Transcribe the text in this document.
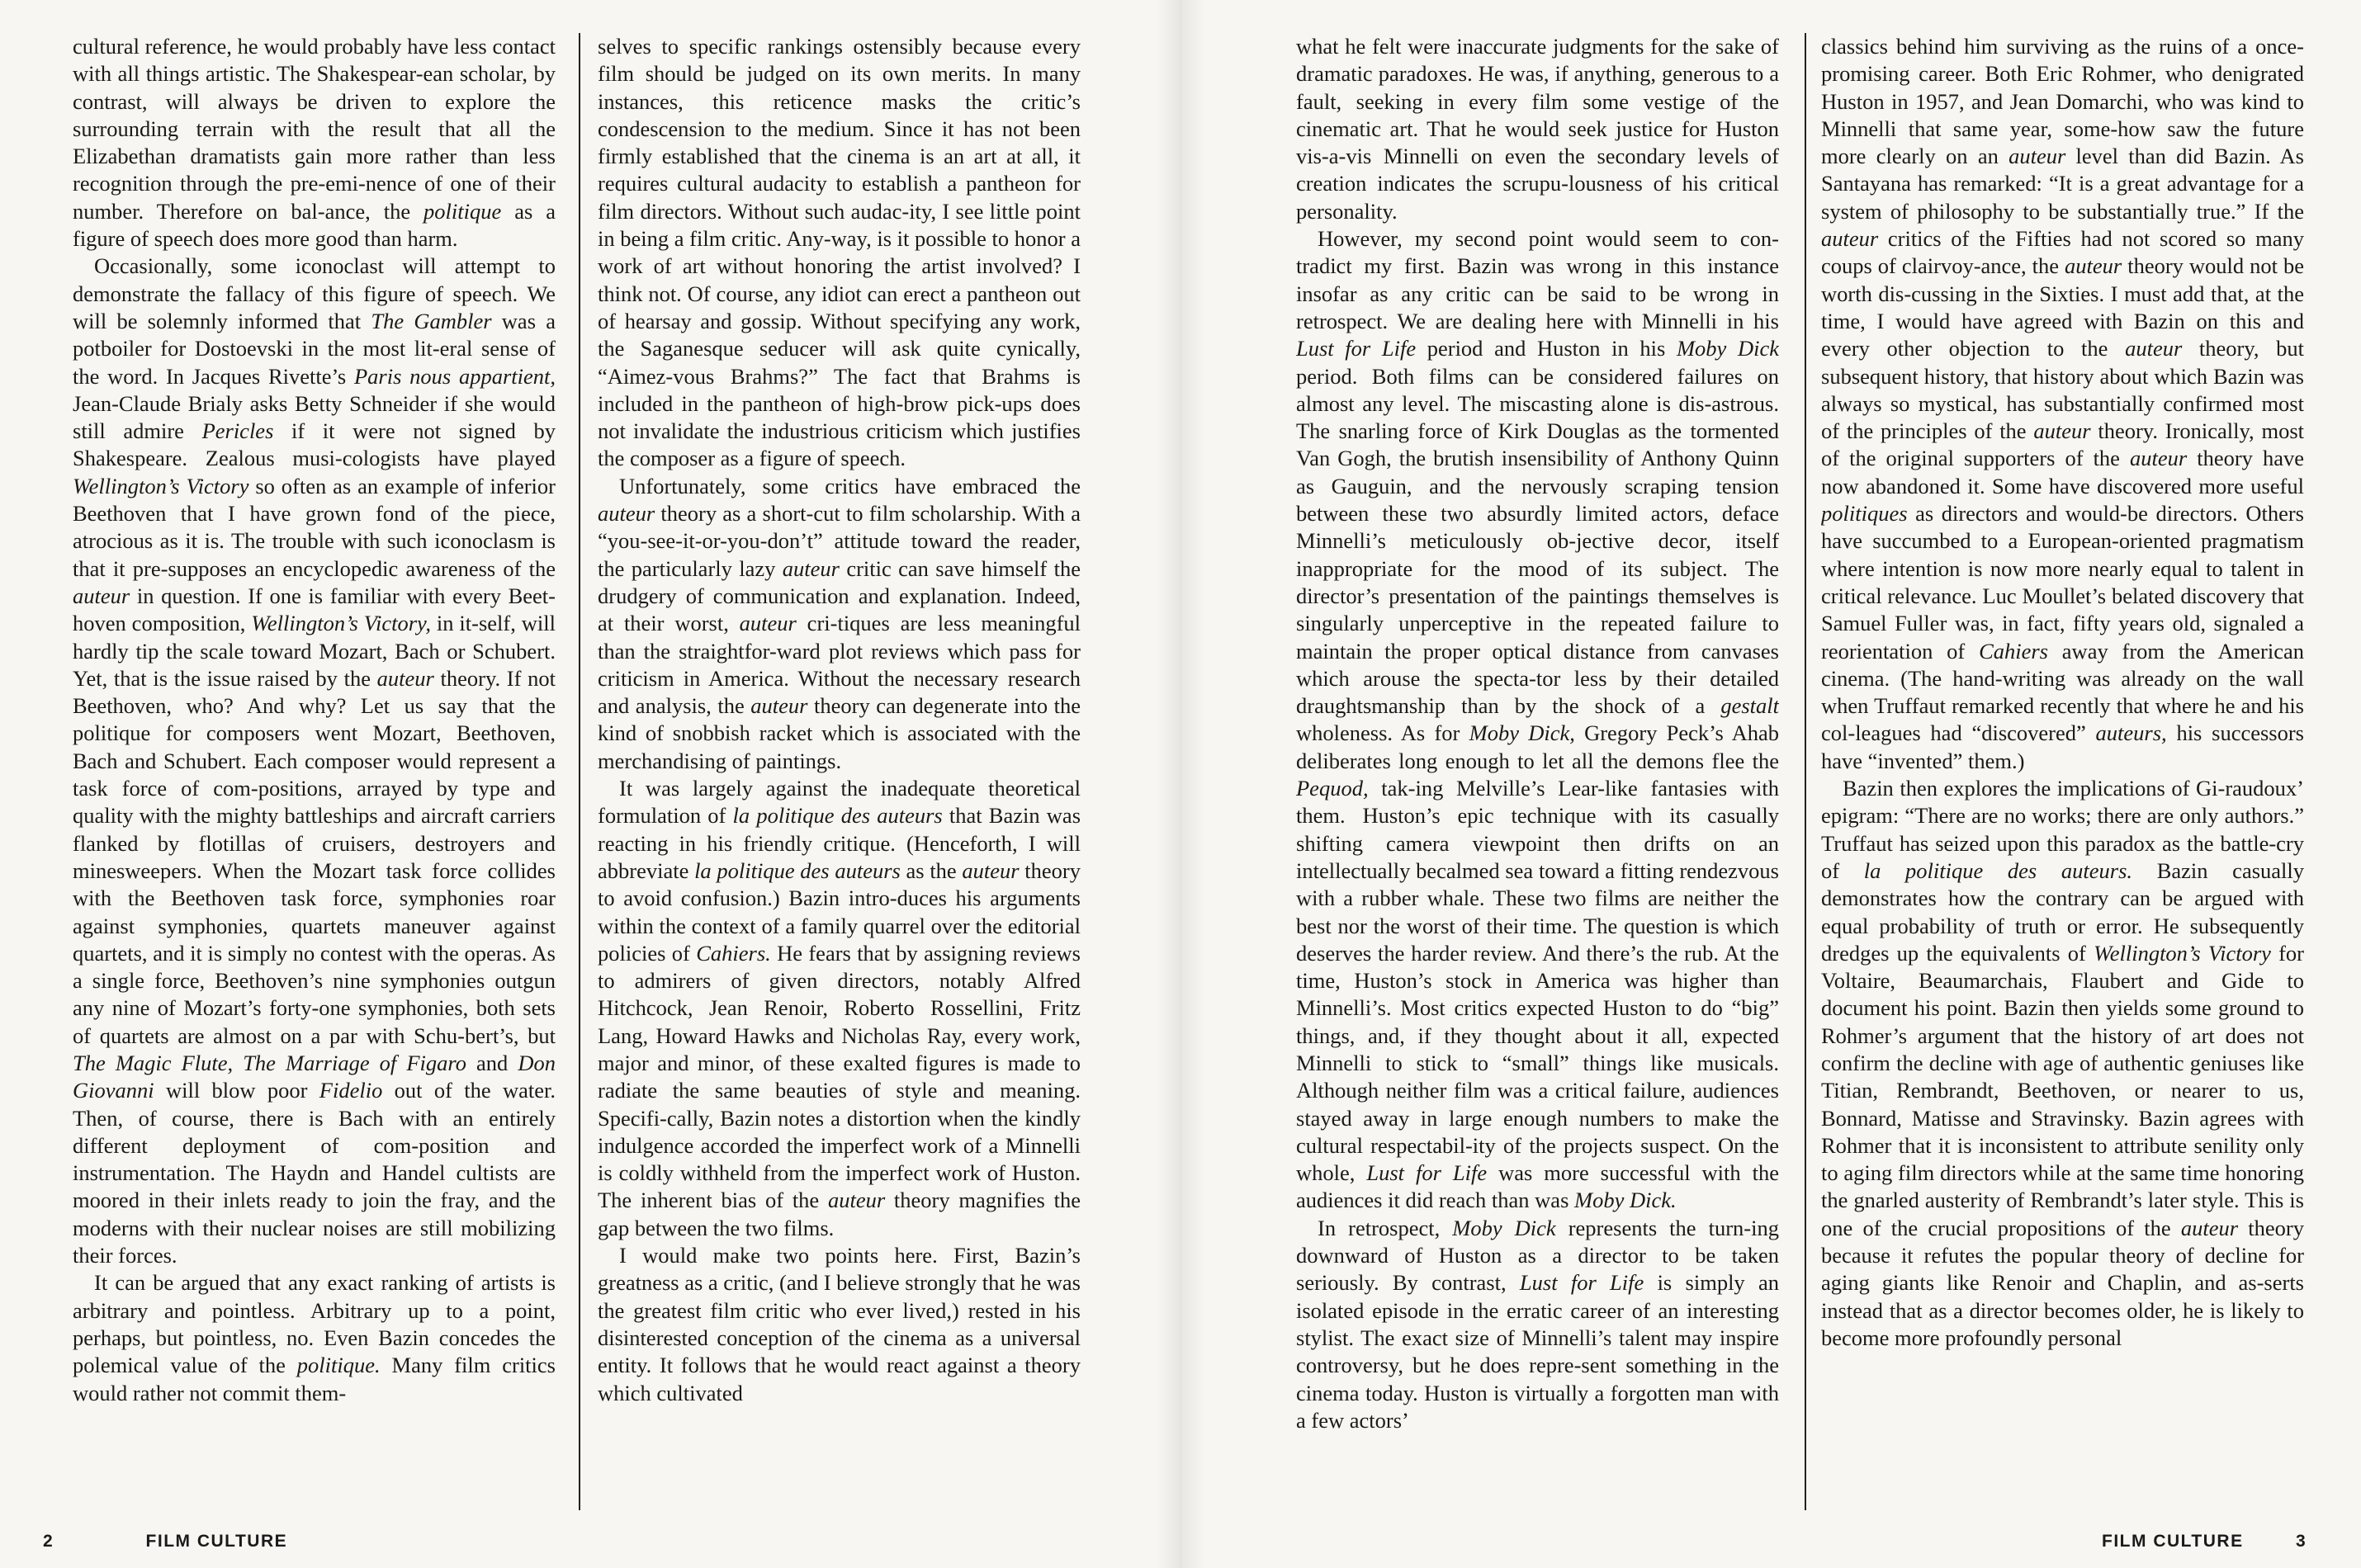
cultural reference, he would probably have less contact with all things artistic. The Shakespear-ean scholar, by contrast, will always be driven to explore the surrounding terrain with the result that all the Elizabethan dramatists gain more rather than less recognition through the pre-emi-nence of one of their number. Therefore on bal-ance, the politique as a figure of speech does more good than harm.

Occasionally, some iconoclast will attempt to demonstrate the fallacy of this figure of speech. We will be solemnly informed that The Gambler was a potboiler for Dostoevski in the most lit-eral sense of the word. In Jacques Rivette’s Paris nous appartient, Jean-Claude Brialy asks Betty Schneider if she would still admire Pericles if it were not signed by Shakespeare. Zealous musi-cologists have played Wellington’s Victory so often as an example of inferior Beethoven that I have grown fond of the piece, atrocious as it is. The trouble with such iconoclasm is that it pre-supposes an encyclopedic awareness of the auteur in question. If one is familiar with every Beet-hoven composition, Wellington’s Victory, in it-self, will hardly tip the scale toward Mozart, Bach or Schubert. Yet, that is the issue raised by the auteur theory. If not Beethoven, who? And why? Let us say that the politique for composers went Mozart, Beethoven, Bach and Schubert. Each composer would represent a task force of com-positions, arrayed by type and quality with the mighty battleships and aircraft carriers flanked by flotillas of cruisers, destroyers and minesweepers. When the Mozart task force collides with the Beethoven task force, symphonies roar against symphonies, quartets maneuver against quartets, and it is simply no contest with the operas. As a single force, Beethoven’s nine symphonies outgun any nine of Mozart’s forty-one symphonies, both sets of quartets are almost on a par with Schu-bert’s, but The Magic Flute, The Marriage of Figaro and Don Giovanni will blow poor Fidelio out of the water. Then, of course, there is Bach with an entirely different deployment of com-position and instrumentation. The Haydn and Handel cultists are moored in their inlets ready to join the fray, and the moderns with their nuclear noises are still mobilizing their forces.

It can be argued that any exact ranking of artists is arbitrary and pointless. Arbitrary up to a point, perhaps, but pointless, no. Even Bazin concedes the polemical value of the politique. Many film critics would rather not commit them-

selves to specific rankings ostensibly because every film should be judged on its own merits. In many instances, this reticence masks the critic’s condescension to the medium. Since it has not been firmly established that the cinema is an art at all, it requires cultural audacity to establish a pantheon for film directors. Without such audac-ity, I see little point in being a film critic. Any-way, is it possible to honor a work of art without honoring the artist involved? I think not. Of course, any idiot can erect a pantheon out of hearsay and gossip. Without specifying any work, the Saganesque seducer will ask quite cynically, “Aimez-vous Brahms?” The fact that Brahms is included in the pantheon of high-brow pick-ups does not invalidate the industrious criticism which justifies the composer as a figure of speech.

Unfortunately, some critics have embraced the auteur theory as a short-cut to film scholarship. With a “you-see-it-or-you-don’t” attitude toward the reader, the particularly lazy auteur critic can save himself the drudgery of communication and explanation. Indeed, at their worst, auteur cri-tiques are less meaningful than the straightfor-ward plot reviews which pass for criticism in America. Without the necessary research and analysis, the auteur theory can degenerate into the kind of snobbish racket which is associated with the merchandising of paintings.

It was largely against the inadequate theoretical formulation of la politique des auteurs that Bazin was reacting in his friendly critique. (Henceforth, I will abbreviate la politique des auteurs as the auteur theory to avoid confusion.) Bazin intro-duces his arguments within the context of a family quarrel over the editorial policies of Cahiers. He fears that by assigning reviews to admirers of given directors, notably Alfred Hitchcock, Jean Renoir, Roberto Rossellini, Fritz Lang, Howard Hawks and Nicholas Ray, every work, major and minor, of these exalted figures is made to radiate the same beauties of style and meaning. Specifi-cally, Bazin notes a distortion when the kindly indulgence accorded the imperfect work of a Minnelli is coldly withheld from the imperfect work of Huston. The inherent bias of the auteur theory magnifies the gap between the two films.

I would make two points here. First, Bazin’s greatness as a critic, (and I believe strongly that he was the greatest film critic who ever lived,) rested in his disinterested conception of the cinema as a universal entity. It follows that he would react against a theory which cultivated

2	FILM CULTURE

what he felt were inaccurate judgments for the sake of dramatic paradoxes. He was, if anything, generous to a fault, seeking in every film some vestige of the cinematic art. That he would seek justice for Huston vis-a-vis Minnelli on even the secondary levels of creation indicates the scrupu-lousness of his critical personality.

However, my second point would seem to con-tradict my first. Bazin was wrong in this instance insofar as any critic can be said to be wrong in retrospect. We are dealing here with Minnelli in his Lust for Life period and Huston in his Moby Dick period. Both films can be considered failures on almost any level. The miscasting alone is dis-astrous. The snarling force of Kirk Douglas as the tormented Van Gogh, the brutish insensibility of Anthony Quinn as Gauguin, and the nervously scraping tension between these two absurdly limited actors, deface Minnelli’s meticulously ob-jective decor, itself inappropriate for the mood of its subject. The director’s presentation of the paintings themselves is singularly unperceptive in the repeated failure to maintain the proper optical distance from canvases which arouse the specta-tor less by their detailed draughtsmanship than by the shock of a gestalt wholeness. As for Moby Dick, Gregory Peck’s Ahab deliberates long enough to let all the demons flee the Pequod, tak-ing Melville’s Lear-like fantasies with them. Huston’s epic technique with its casually shifting camera viewpoint then drifts on an intellectually becalmed sea toward a fitting rendezvous with a rubber whale. These two films are neither the best nor the worst of their time. The question is which deserves the harder review. And there’s the rub. At the time, Huston’s stock in America was higher than Minnelli’s. Most critics expected Huston to do “big” things, and, if they thought about it all, expected Minnelli to stick to “small” things like musicals. Although neither film was a critical failure, audiences stayed away in large enough numbers to make the cultural respectabil-ity of the projects suspect. On the whole, Lust for Life was more successful with the audiences it did reach than was Moby Dick.

In retrospect, Moby Dick represents the turn-ing downward of Huston as a director to be taken seriously. By contrast, Lust for Life is simply an isolated episode in the erratic career of an interesting stylist. The exact size of Minnelli’s talent may inspire controversy, but he does repre-sent something in the cinema today. Huston is virtually a forgotten man with a few actors’

classics behind him surviving as the ruins of a once-promising career. Both Eric Rohmer, who denigrated Huston in 1957, and Jean Domarchi, who was kind to Minnelli that same year, some-how saw the future more clearly on an auteur level than did Bazin. As Santayana has remarked: “It is a great advantage for a system of philosophy to be substantially true.” If the auteur critics of the Fifties had not scored so many coups of clairvoy-ance, the auteur theory would not be worth dis-cussing in the Sixties. I must add that, at the time, I would have agreed with Bazin on this and every other objection to the auteur theory, but subsequent history, that history about which Bazin was always so mystical, has substantially confirmed most of the principles of the auteur theory. Ironically, most of the original supporters of the auteur theory have now abandoned it. Some have discovered more useful politiques as directors and would-be directors. Others have succumbed to a European-oriented pragmatism where intention is now more nearly equal to talent in critical relevance. Luc Moullet’s belated discovery that Samuel Fuller was, in fact, fifty years old, signaled a reorientation of Cahiers away from the American cinema. (The hand-writing was already on the wall when Truffaut remarked recently that where he and his col-leagues had “discovered” auteurs, his successors have “invented” them.)

Bazin then explores the implications of Gi-raudoux’ epigram: “There are no works; there are only authors.” Truffaut has seized upon this paradox as the battle-cry of la politique des auteurs. Bazin casually demonstrates how the contrary can be argued with equal probability of truth or error. He subsequently dredges up the equivalents of Wellington’s Victory for Voltaire, Beaumarchais, Flaubert and Gide to document his point. Bazin then yields some ground to Rohmer’s argument that the history of art does not confirm the decline with age of authentic geniuses like Titian, Rembrandt, Beethoven, or nearer to us, Bonnard, Matisse and Stravinsky. Bazin agrees with Rohmer that it is inconsistent to attribute senility only to aging film directors while at the same time honoring the gnarled austerity of Rembrandt’s later style. This is one of the crucial propositions of the auteur theory because it refutes the popular theory of decline for aging giants like Renoir and Chaplin, and as-serts instead that as a director becomes older, he is likely to become more profoundly personal

FILM CULTURE	3
